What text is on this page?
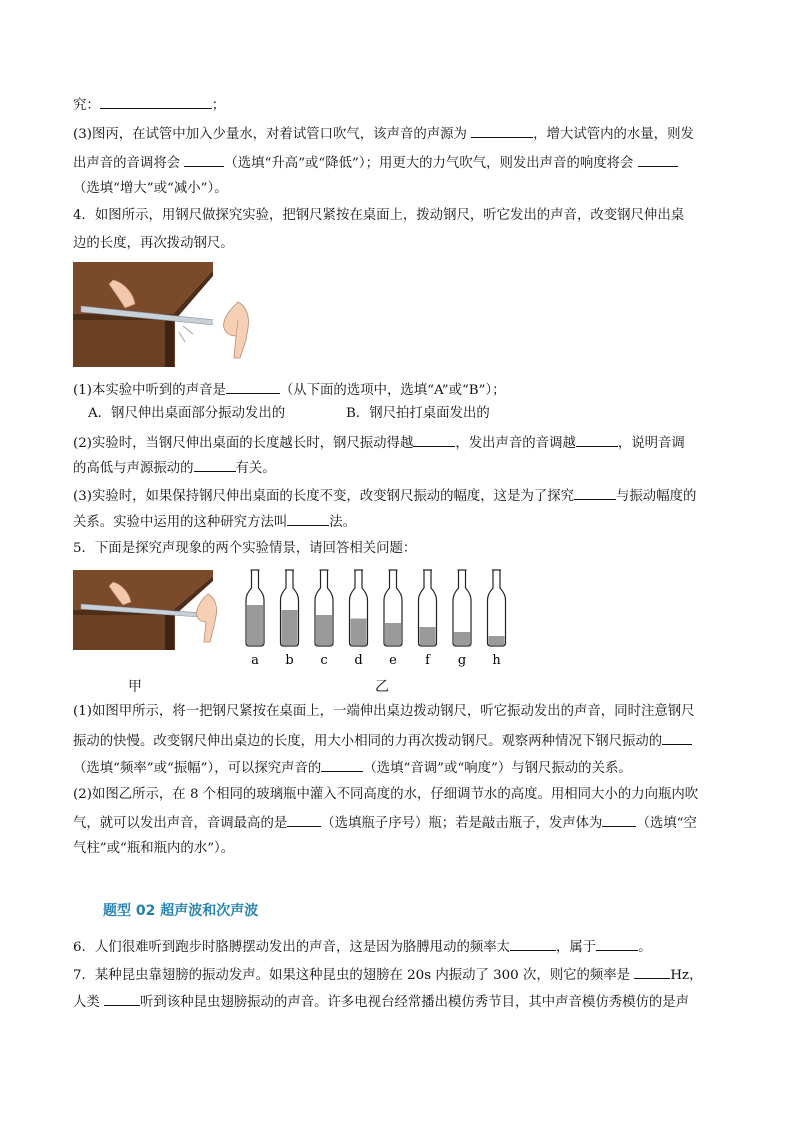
究：	；
(3)图丙，在试管中加入少量水，对着试管口吹气，该声音的声源为	，增大试管内的水量，则发
出声音的音调将会	（选填“升高”或“降低”）；用更大的力气吹气，则发出声音的响度将会
（选填“增大”或“减小”）。
4．如图所示，用钢尺做探究实验，把钢尺紧按在桌面上，拨动钢尺，听它发出的声音，改变钢尺伸出桌
边的长度，再次拨动钢尺。
(1)本实验中听到的声音是	（从下面的选项中，选填“A”或“B”）；
A．钢尺伸出桌面部分振动发出的	B．钢尺拍打桌面发出的
(2)实验时，当钢尺伸出桌面的长度越长时，钢尺振动得越	，发出声音的音调越	，说明音调
的高低与声源振动的	有关。
(3)实验时，如果保持钢尺伸出桌面的长度不变，改变钢尺振动的幅度，这是为了探究	与振动幅度的
关系。实验中运用的这种研究方法叫	法。
5．下面是探究声现象的两个实验情景，请回答相关问题：
a b c d e f g h
甲	乙
(1)如图甲所示，将一把钢尺紧按在桌面上，一端伸出桌边拨动钢尺，听它振动发出的声音，同时注意钢尺
振动的快慢。改变钢尺伸出桌边的长度，用大小相同的力再次拨动钢尺。观察两种情况下钢尺振动的
（选填“频率”或“振幅”），可以探究声音的	（选填“音调”或“响度”）与钢尺振动的关系。
(2)如图乙所示，在 8 个相同的玻璃瓶中灌入不同高度的水，仔细调节水的高度。用相同大小的力向瓶内吹
气，就可以发出声音，音调最高的是	（选填瓶子序号）瓶；若是敲击瓶子，发声体为	（选填“空
气柱”或“瓶和瓶内的水”）。
题型 02 超声波和次声波
6．人们很难听到跑步时胳膊摆动发出的声音，这是因为胳膊甩动的频率太	，属于	。
7．某种昆虫靠翅膀的振动发声。如果这种昆虫的翅膀在 20s 内振动了 300 次，则它的频率是	Hz，
人类	听到该种昆虫翅膀振动的声音。许多电视台经常播出模仿秀节目，其中声音模仿秀模仿的是声
